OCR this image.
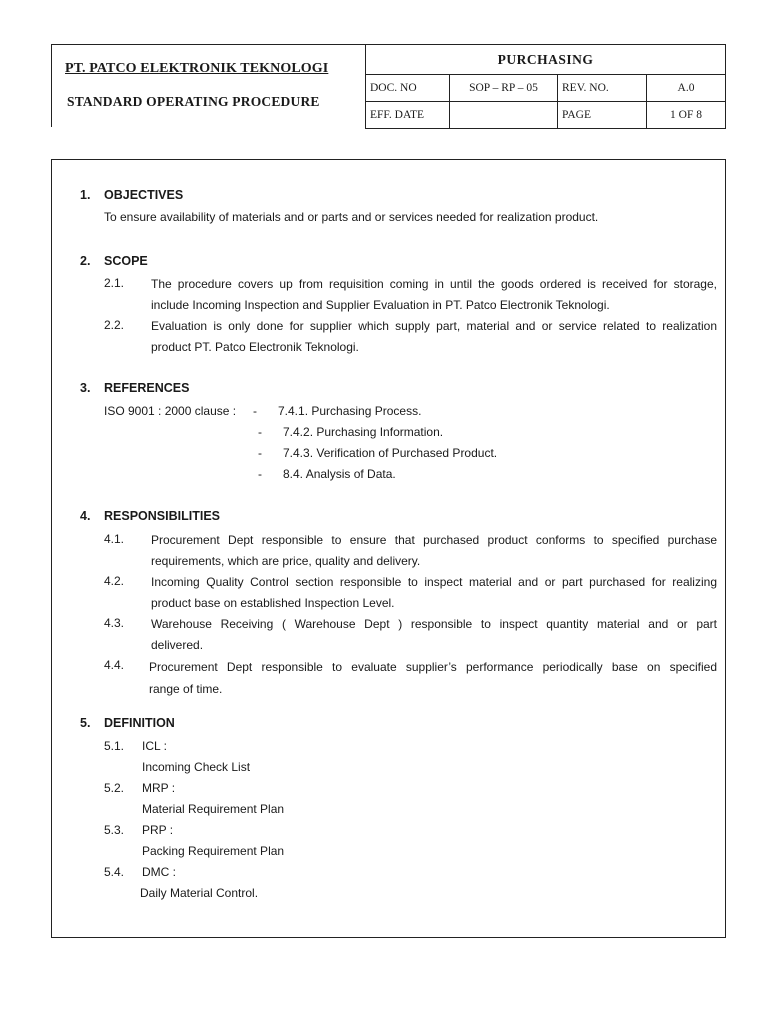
PT. PATCO ELEKTRONIK TEKNOLOGI
STANDARD OPERATING PROCEDURE
PURCHASING			
DOC. NO	SOP – RP – 05	REV. NO.	A.0
EFF. DATE		PAGE	1 OF 8
1. OBJECTIVES
To ensure availability of materials and or parts and or services needed for realization product.
2. SCOPE
2.1. The procedure covers up from requisition coming in until the goods ordered is received for storage,
include Incoming Inspection and Supplier Evaluation in PT. Patco Electronik Teknologi.
2.2. Evaluation is only done for supplier which supply part, material and or service related to realization
product PT. Patco Electronik Teknologi.
3. REFERENCES
ISO 9001 : 2000 clause : - 7.4.1. Purchasing Process.
- 7.4.2. Purchasing Information.
- 7.4.3. Verification of Purchased Product.
- 8.4. Analysis of Data.
4. RESPONSIBILITIES
4.1. Procurement Dept responsible to ensure that purchased product conforms to specified purchase
requirements, which are price, quality and delivery.
4.2. Incoming Quality Control section responsible to inspect material and or part purchased for realizing
product base on established Inspection Level.
4.3. Warehouse Receiving ( Warehouse Dept ) responsible to inspect quantity material and or part
delivered.
4.4. Procurement Dept responsible to evaluate supplier’s performance periodically base on specified
range of time.
5. DEFINITION
5.1. ICL :
Incoming Check List
5.2. MRP :
Material Requirement Plan
5.3. PRP :
Packing Requirement Plan
5.4. DMC :
Daily Material Control.
